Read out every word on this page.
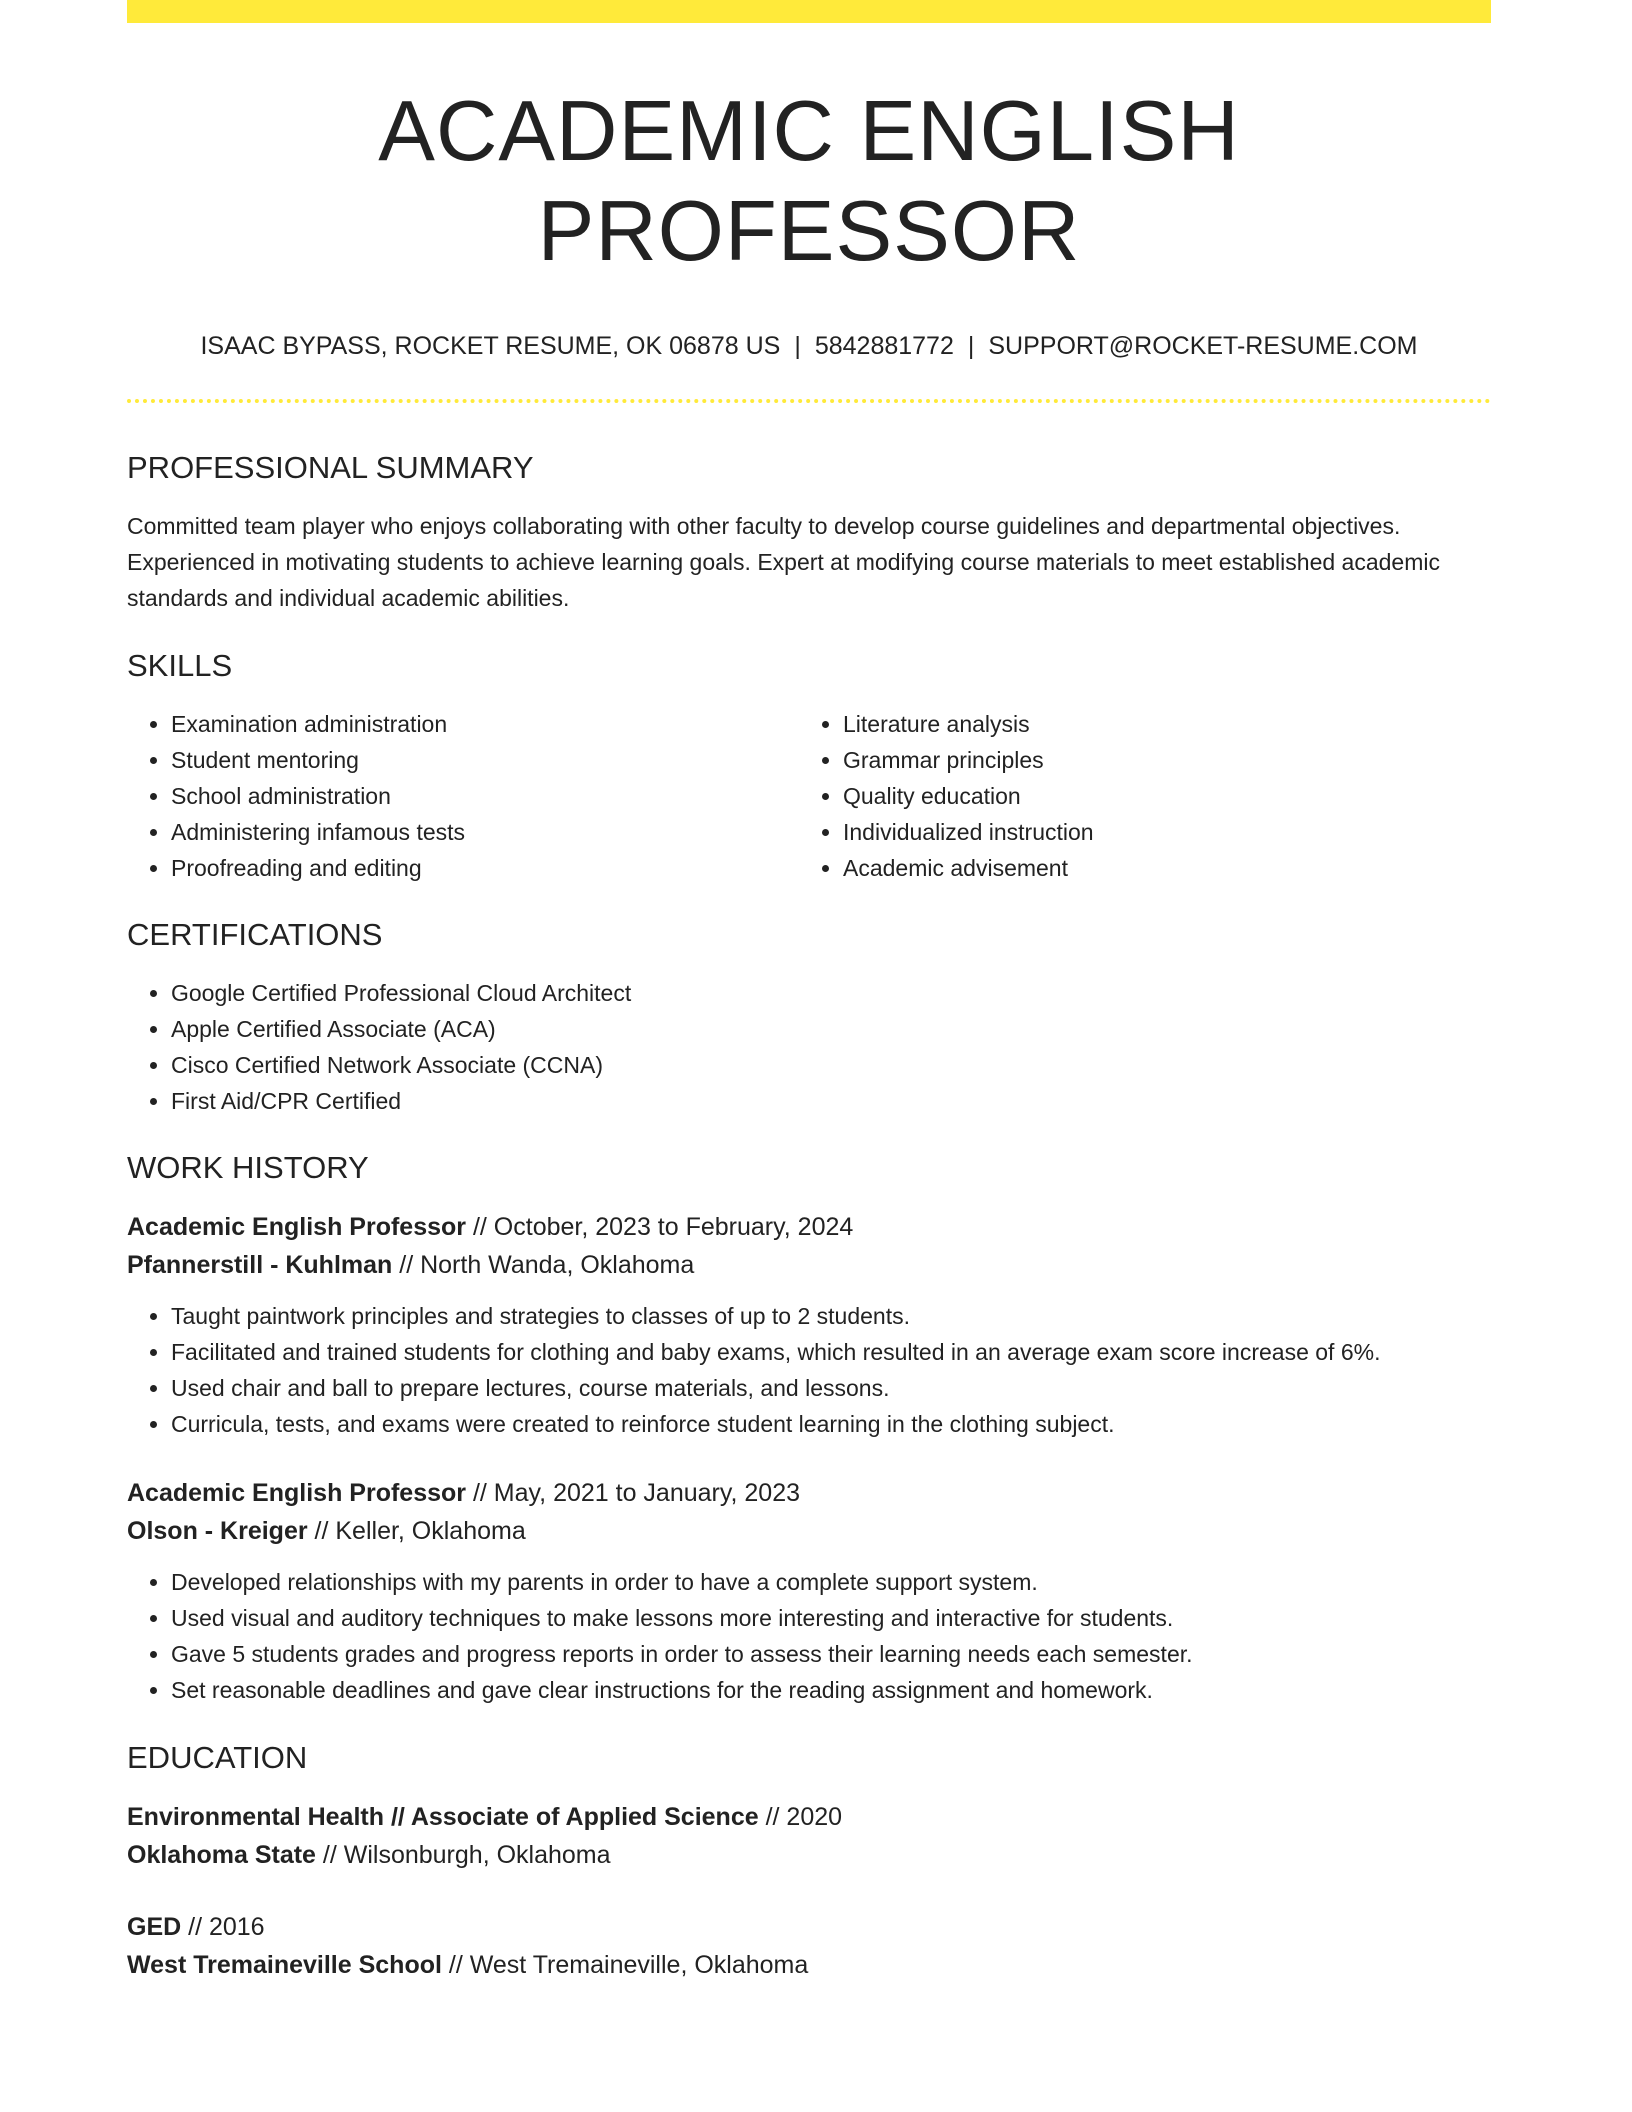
ACADEMIC ENGLISH PROFESSOR
ISAAC BYPASS, ROCKET RESUME, OK 06878 US | 5842881772 | SUPPORT@ROCKET-RESUME.COM
PROFESSIONAL SUMMARY

Committed team player who enjoys collaborating with other faculty to develop course guidelines and departmental objectives. Experienced in motivating students to achieve learning goals. Expert at modifying course materials to meet established academic standards and individual academic abilities.

SKILLS
• Examination administration
• Student mentoring
• School administration
• Administering infamous tests
• Proofreading and editing
• Literature analysis
• Grammar principles
• Quality education
• Individualized instruction
• Academic advisement
CERTIFICATIONS
• Google Certified Professional Cloud Architect
• Apple Certified Associate (ACA)
• Cisco Certified Network Associate (CCNA)
• First Aid/CPR Certified
WORK HISTORY

Academic English Professor // October, 2023 to February, 2024

Pfannerstill - Kuhlman // North Wanda, Oklahoma

• Taught paintwork principles and strategies to classes of up to 2 students.
• Facilitated and trained students for clothing and baby exams, which resulted in an average exam score increase of 6%.
• Used chair and ball to prepare lectures, course materials, and lessons.
• Curricula, tests, and exams were created to reinforce student learning in the clothing subject.

Academic English Professor // May, 2021 to January, 2023

Olson - Kreiger // Keller, Oklahoma

• Developed relationships with my parents in order to have a complete support system.
• Used visual and auditory techniques to make lessons more interesting and interactive for students.
• Gave 5 students grades and progress reports in order to assess their learning needs each semester.
• Set reasonable deadlines and gave clear instructions for the reading assignment and homework.
EDUCATION

Environmental Health // Associate of Applied Science // 2020

Oklahoma State // Wilsonburgh, Oklahoma

GED // 2016

West Tremaineville School // West Tremaineville, Oklahoma
